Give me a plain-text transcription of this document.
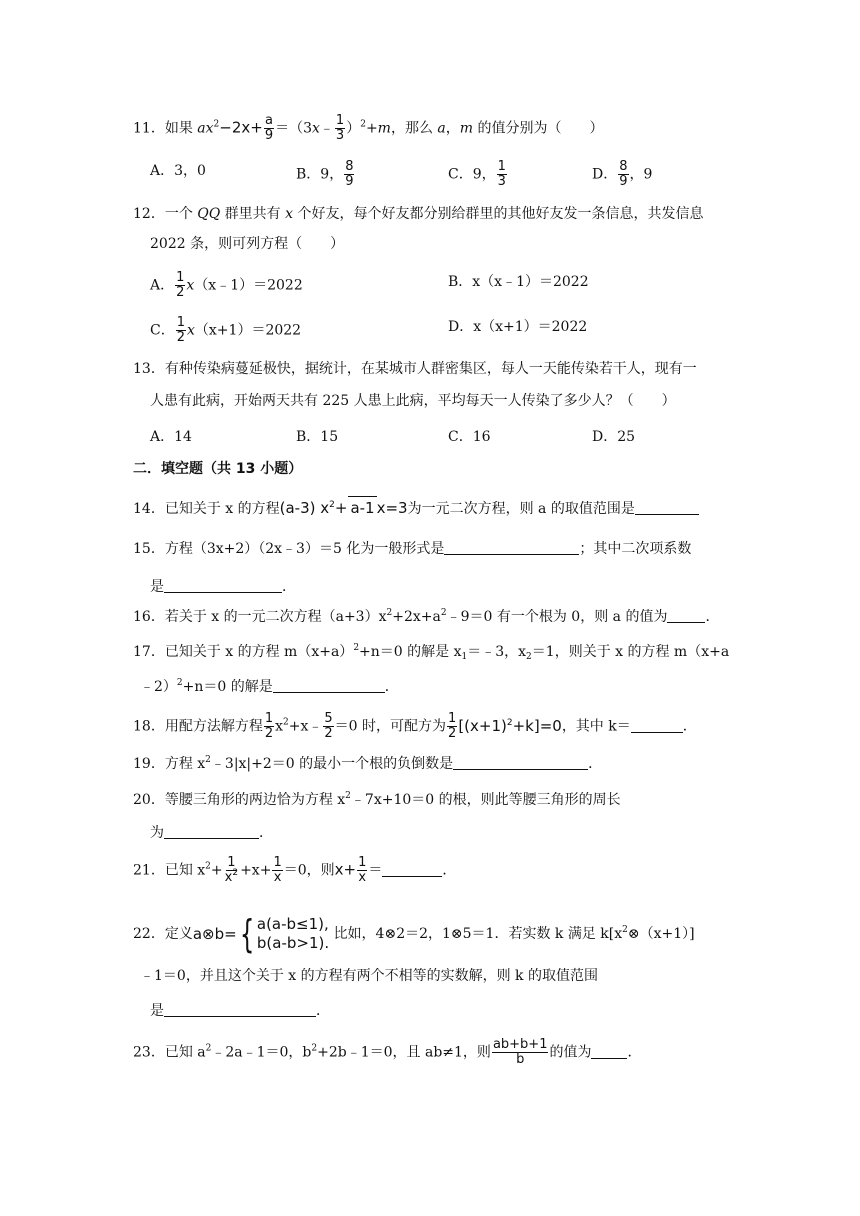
11．如果 $ax^2-2x+ \frac{a}{9}$ ＝（3x﹣ $\frac{1}{3} )^2+m$，那么 a，m 的值分别为（　　）
A．3，0	B．9， $\frac{8}{9}$	C．9， $\frac{1}{3}$	D． $\frac{8}{9}$ ，9
12．一个 QQ 群里共有 x 个好友，每个好友都分别给群里的其他好友发一条信息，共发信息
2022 条，则可列方程（　　）
A． $\frac{1}{2}$ x（x﹣1）＝2022	B．x（x﹣1）＝2022
C． $\frac{1}{2} x(x+1)=2022$	D．x（x+1）＝2022
13．有种传染病蔓延极快，据统计，在某城市人群密集区，每人一天能传染若干人，现有一
人患有此病，开始两天共有 225 人患上此病，平均每天一人传染了多少人？（　　）
A．14	B．15	C．16	D．25
二．填空题（共 13 小题）
14．已知关于 x 的方程(a-3) $x^2+ a-1$ x=3为一元二次方程，则 a 的取值范围是
15．方程（3x+2）（2x﹣3）＝5 化为一般形式是	；其中二次项系数
是	．
16．若关于 x 的一元二次方程$(a+3)x^2+2x+a^2﹣9=0$ 有一个根为 0，则 a 的值为	．
17．已知关于 x 的方程 $m(x+a)^2+n=0$ 的解是 $x_1=﹣3$，$x_2=1$，则关于 x 的方程 m（x+a
﹣2）$^2$+n＝0 的解是	．
18．用配方法解方程 $\frac{1}{2}$ $x^2+x﹣ \frac{5}{2} =0$ 时，可配方为 $\frac{1}{2} [(x+1)^2+k]=0$，其中 k＝	．
19．方程 $x^2﹣3|x|+2=0$ 的最小一个根的负倒数是	．
20．等腰三角形的两边恰为方程 $x^2﹣7x+10=0$ 的根，则此等腰三角形的周长
为	．
21．已知 $x^2+ \frac{1}{x^2} +x+ \frac{1}{x} =0$，则$x+ \frac{1}{x}$ ＝	．
22．定义 a⊗b= { a(a-b≤1),
b(a-b>1). 比如，4⊗2＝2，1⊗5＝1．若实数 k 满足 $k[x^2\otimes(x+1)]$
﹣1＝0，并且这个关于 x 的方程有两个不相等的实数解，则 k 的取值范围
是	．
23．已知 $a^2﹣2a﹣1=0$，$b^2+2b﹣1=0$，且 ab≠1，则 $\frac{ab+b+1}{b}$ 的值为	．
